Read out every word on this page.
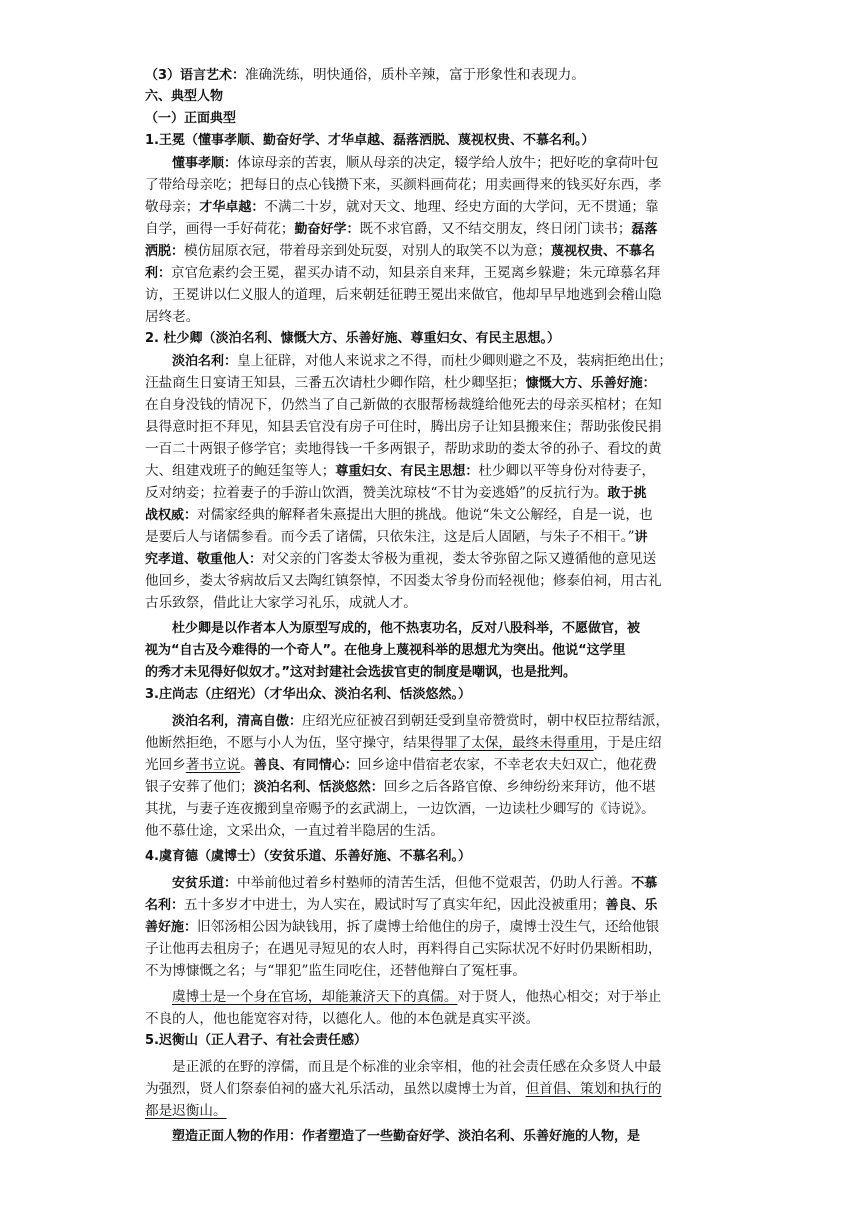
（3）语言艺术：准确洗练，明快通俗，质朴辛辣，富于形象性和表现力。
六、典型人物
（一）正面典型
1.王冕（懂事孝顺、勤奋好学、才华卓越、磊落洒脱、蔑视权贵、不慕名利。）
懂事孝顺：体谅母亲的苦衷，顺从母亲的决定，辍学给人放牛；把好吃的拿荷叶包
了带给母亲吃；把每日的点心钱攒下来，买颜料画荷花；用卖画得来的钱买好东西，孝
敬母亲；才华卓越：不满二十岁，就对天文、地理、经史方面的大学问，无不贯通；靠
自学，画得一手好荷花；勤奋好学：既不求官爵，又不结交朋友，终日闭门读书；磊落
洒脱：模仿屈原衣冠，带着母亲到处玩耍，对别人的取笑不以为意；蔑视权贵、不慕名
利：京官危素约会王冕，翟买办请不动，知县亲自来拜，王冕离乡躲避；朱元璋慕名拜
访，王冕讲以仁义服人的道理，后来朝廷征聘王冕出来做官，他却早早地逃到会稽山隐
居终老。
2. 杜少卿（淡泊名利、慷慨大方、乐善好施、尊重妇女、有民主思想。）
淡泊名利：皇上征辟，对他人来说求之不得，而杜少卿则避之不及，装病拒绝出仕；
汪盐商生日宴请王知县，三番五次请杜少卿作陪，杜少卿坚拒；慷慨大方、乐善好施：
在自身没钱的情况下，仍然当了自己新做的衣服帮杨裁缝给他死去的母亲买棺材；在知
县得意时拒不拜见，知县丢官没有房子可住时，腾出房子让知县搬来住；帮助张俊民捐
一百二十两银子修学官；卖地得钱一千多两银子，帮助求助的娄太爷的孙子、看坟的黄
大、组建戏班子的鲍廷玺等人；尊重妇女、有民主思想：杜少卿以平等身份对待妻子，
反对纳妾；拉着妻子的手游山饮酒，赞美沈琼枝“不甘为妾逃婚”的反抗行为。敢于挑
战权威：对儒家经典的解释者朱熹提出大胆的挑战。他说“朱文公解经，自是一说，也
是要后人与诸儒参看。而今丢了诸儒，只依朱注，这是后人固陋，与朱子不相干。”讲
究孝道、敬重他人：对父亲的门客娄太爷极为重视，娄太爷弥留之际又遵循他的意见送
他回乡，娄太爷病故后又去陶红镇祭悼，不因娄太爷身份而轻视他；修泰伯祠，用古礼
古乐致祭，借此让大家学习礼乐，成就人才。
杜少卿是以作者本人为原型写成的，他不热衷功名，反对八股科举，不愿做官，被
视为“自古及今难得的一个奇人”。在他身上蔑视科举的思想尤为突出。他说“这学里
的秀才未见得好似奴才。”这对封建社会选拔官吏的制度是嘲讽，也是批判。
3.庄尚志（庄绍光）（才华出众、淡泊名利、恬淡悠然。）
淡泊名利，清高自傲：庄绍光应征被召到朝廷受到皇帝赞赏时，朝中权臣拉帮结派，
他断然拒绝，不愿与小人为伍，坚守操守，结果得罪了太保，最终未得重用，于是庄绍
光回乡著书立说。善良、有同情心：回乡途中借宿老农家，不幸老农夫妇双亡，他花费
银子安葬了他们；淡泊名利、恬淡悠然：回乡之后各路官僚、乡绅纷纷来拜访，他不堪
其扰，与妻子连夜搬到皇帝赐予的玄武湖上，一边饮酒，一边读杜少卿写的《诗说》。
他不慕仕途，文采出众，一直过着半隐居的生活。
4.虞育德（虞博士）（安贫乐道、乐善好施、不慕名利。）
安贫乐道：中举前他过着乡村塾师的清苦生活，但他不觉艰苦，仍助人行善。不慕
名利：五十多岁才中进士，为人实在，殿试时写了真实年纪，因此没被重用；善良、乐
善好施：旧邻汤相公因为缺钱用，拆了虞博士给他住的房子，虞博士没生气，还给他银
子让他再去租房子；在遇见寻短见的农人时，再料得自己实际状况不好时仍果断相助，
不为博慷慨之名；与“罪犯”监生同吃住，还替他辩白了冤枉事。
虞博士是一个身在官场，却能兼济天下的真儒。对于贤人，他热心相交；对于举止
不良的人，他也能宽容对待，以德化人。他的本色就是真实平淡。
5.迟衡山（正人君子、有社会责任感）
是正派的在野的淳儒，而且是个标准的业余宰相，他的社会责任感在众多贤人中最
为强烈，贤人们祭泰伯祠的盛大礼乐活动，虽然以虞博士为首，但首倡、策划和执行的
都是迟衡山。
塑造正面人物的作用：作者塑造了一些勤奋好学、淡泊名利、乐善好施的人物，是
